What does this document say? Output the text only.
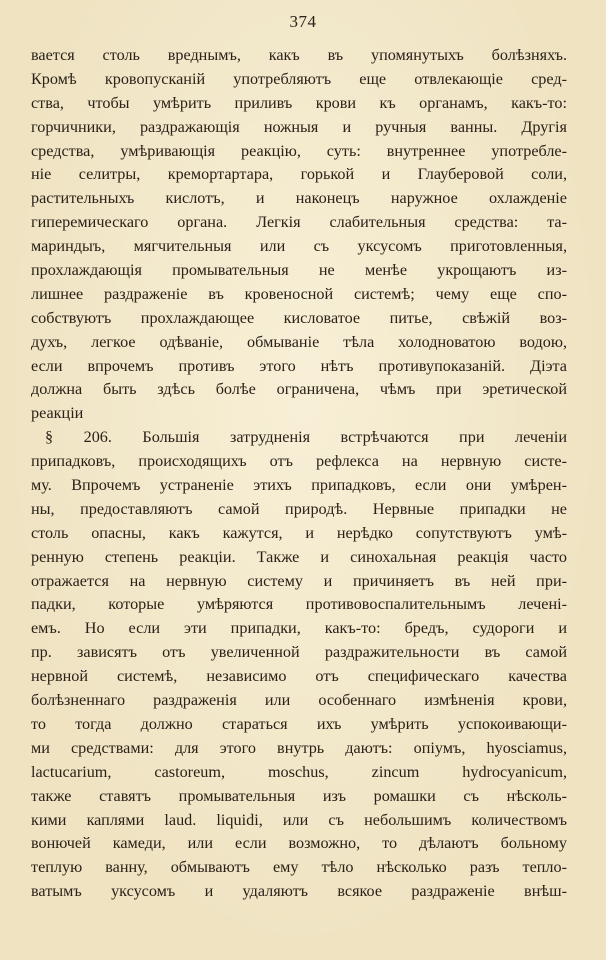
374
вается столь вреднымъ, какъ въ упомянутыхъ болѣзняхъ.
Кромѣ кровопусканiй употребляютъ еще отвлекающiе сред-
ства, чтобы умѣрить приливъ крови къ органамъ, какъ-то:
горчичники, раздражающiя ножныя и ручныя ванны. Другiя
средства, умѣривающiя реакцiю, суть: внутреннее употребле-
нiе селитры, кремортартара, горькой и Глауберовой соли,
растительныхъ кислотъ, и наконецъ наружное охлажденiе
гиперемическаго органа. Легкiя слабительныя средства: та-
мариндыъ, мягчительныя или съ уксусомъ приготовленныя,
прохлаждающiя промывательныя не менѣе укрощаютъ из-
лишнее раздраженiе въ кровеносной системѣ; чему еще спо-
собствуютъ прохлаждающее кисловатое питье, свѣжiй воз-
духъ, легкое одѣванiе, обмыванiе тѣла холодноватою водою,
если впрочемъ противъ этого нѣтъ противупоказанiй. Дiэта
должна быть здѣсь болѣе ограничена, чѣмъ при эретической
реакцiи
§ 206. Большiя затрудненiя встрѣчаются при леченiи
припадковъ, происходящихъ отъ рефлекса на нервную систе-
му. Впрочемъ устраненiе этихъ припадковъ, если они умѣрен-
ны, предоставляютъ самой природѣ. Нервные припадки не
столь опасны, какъ кажутся, и нерѣдко сопутствуютъ умѣ-
ренную степень реакцiи. Также и синохальная реакцiя часто
отражается на нервную систему и причиняетъ въ ней при-
падки, которые умѣряются противовоспалительнымъ леченi-
емъ. Но если эти припадки, какъ-то: бредъ, судороги и
пр. зависятъ отъ увеличенной раздражительности въ самой
нервной системѣ, независимо отъ специфическаго качества
болѣзненнаго раздраженiя или особеннаго измѣненiя крови,
то тогда должно стараться ихъ умѣрить успокоивающи-
ми средствами: для этого внутрь даютъ: опiумъ, hyosciamus,
lactucarium, castoreum, moschus, zincum hydrocyanicum,
также ставятъ промывательныя изъ ромашки съ нѣсколь-
кими каплями laud. liquidi, или съ небольшимъ количествомъ
вонючей камеди, или если возможно, то дѣлаютъ больному
теплую ванну, обмываютъ ему тѣло нѣсколько разъ тепло-
ватымъ уксусомъ и удаляютъ всякое раздраженiе внѣш-
